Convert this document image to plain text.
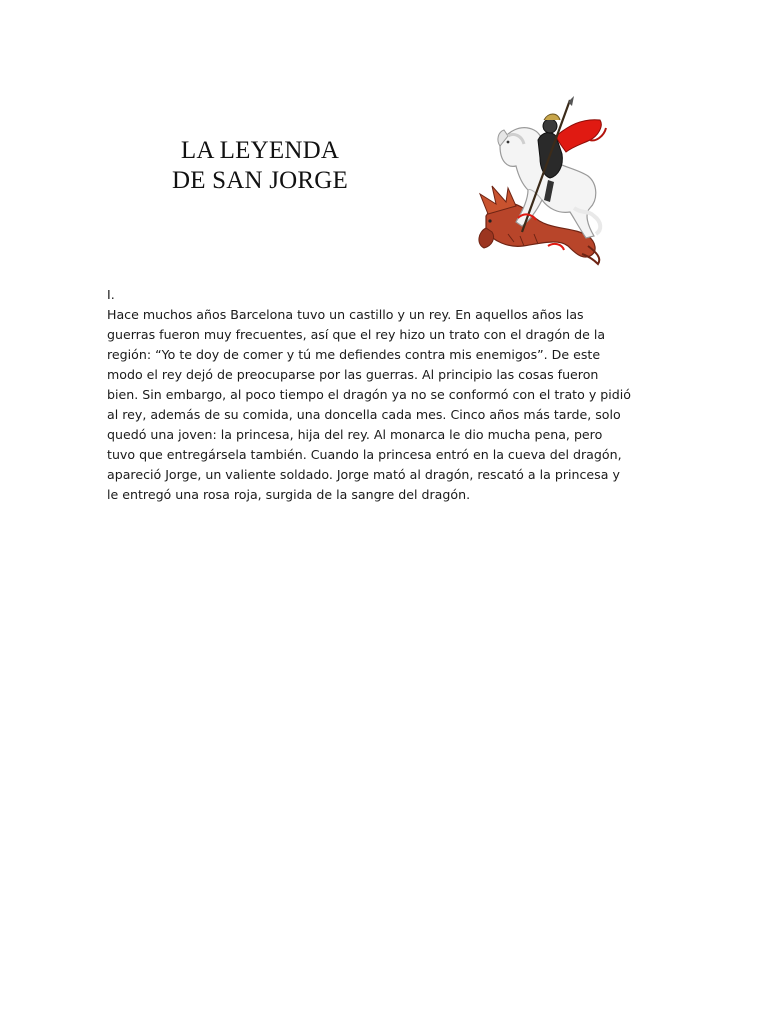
LA LEYENDA
DE SAN JORGE
I.
Hace muchos años Barcelona tuvo un castillo y un rey. En aquellos años las
guerras fueron muy frecuentes, así que el rey hizo un trato con el dragón de la
región: “Yo te doy de comer y tú me defiendes contra mis enemigos”. De este
modo el rey dejó de preocuparse por las guerras. Al principio las cosas fueron
bien. Sin embargo, al poco tiempo el dragón ya no se conformó con el trato y pidió
al rey, además de su comida, una doncella cada mes. Cinco años más tarde, solo
quedó una joven: la princesa, hija del rey. Al monarca le dio mucha pena, pero
tuvo que entregársela también. Cuando la princesa entró en la cueva del dragón,
apareció Jorge, un valiente soldado. Jorge mató al dragón, rescató a la princesa y
le entregó una rosa roja, surgida de la sangre del dragón.
